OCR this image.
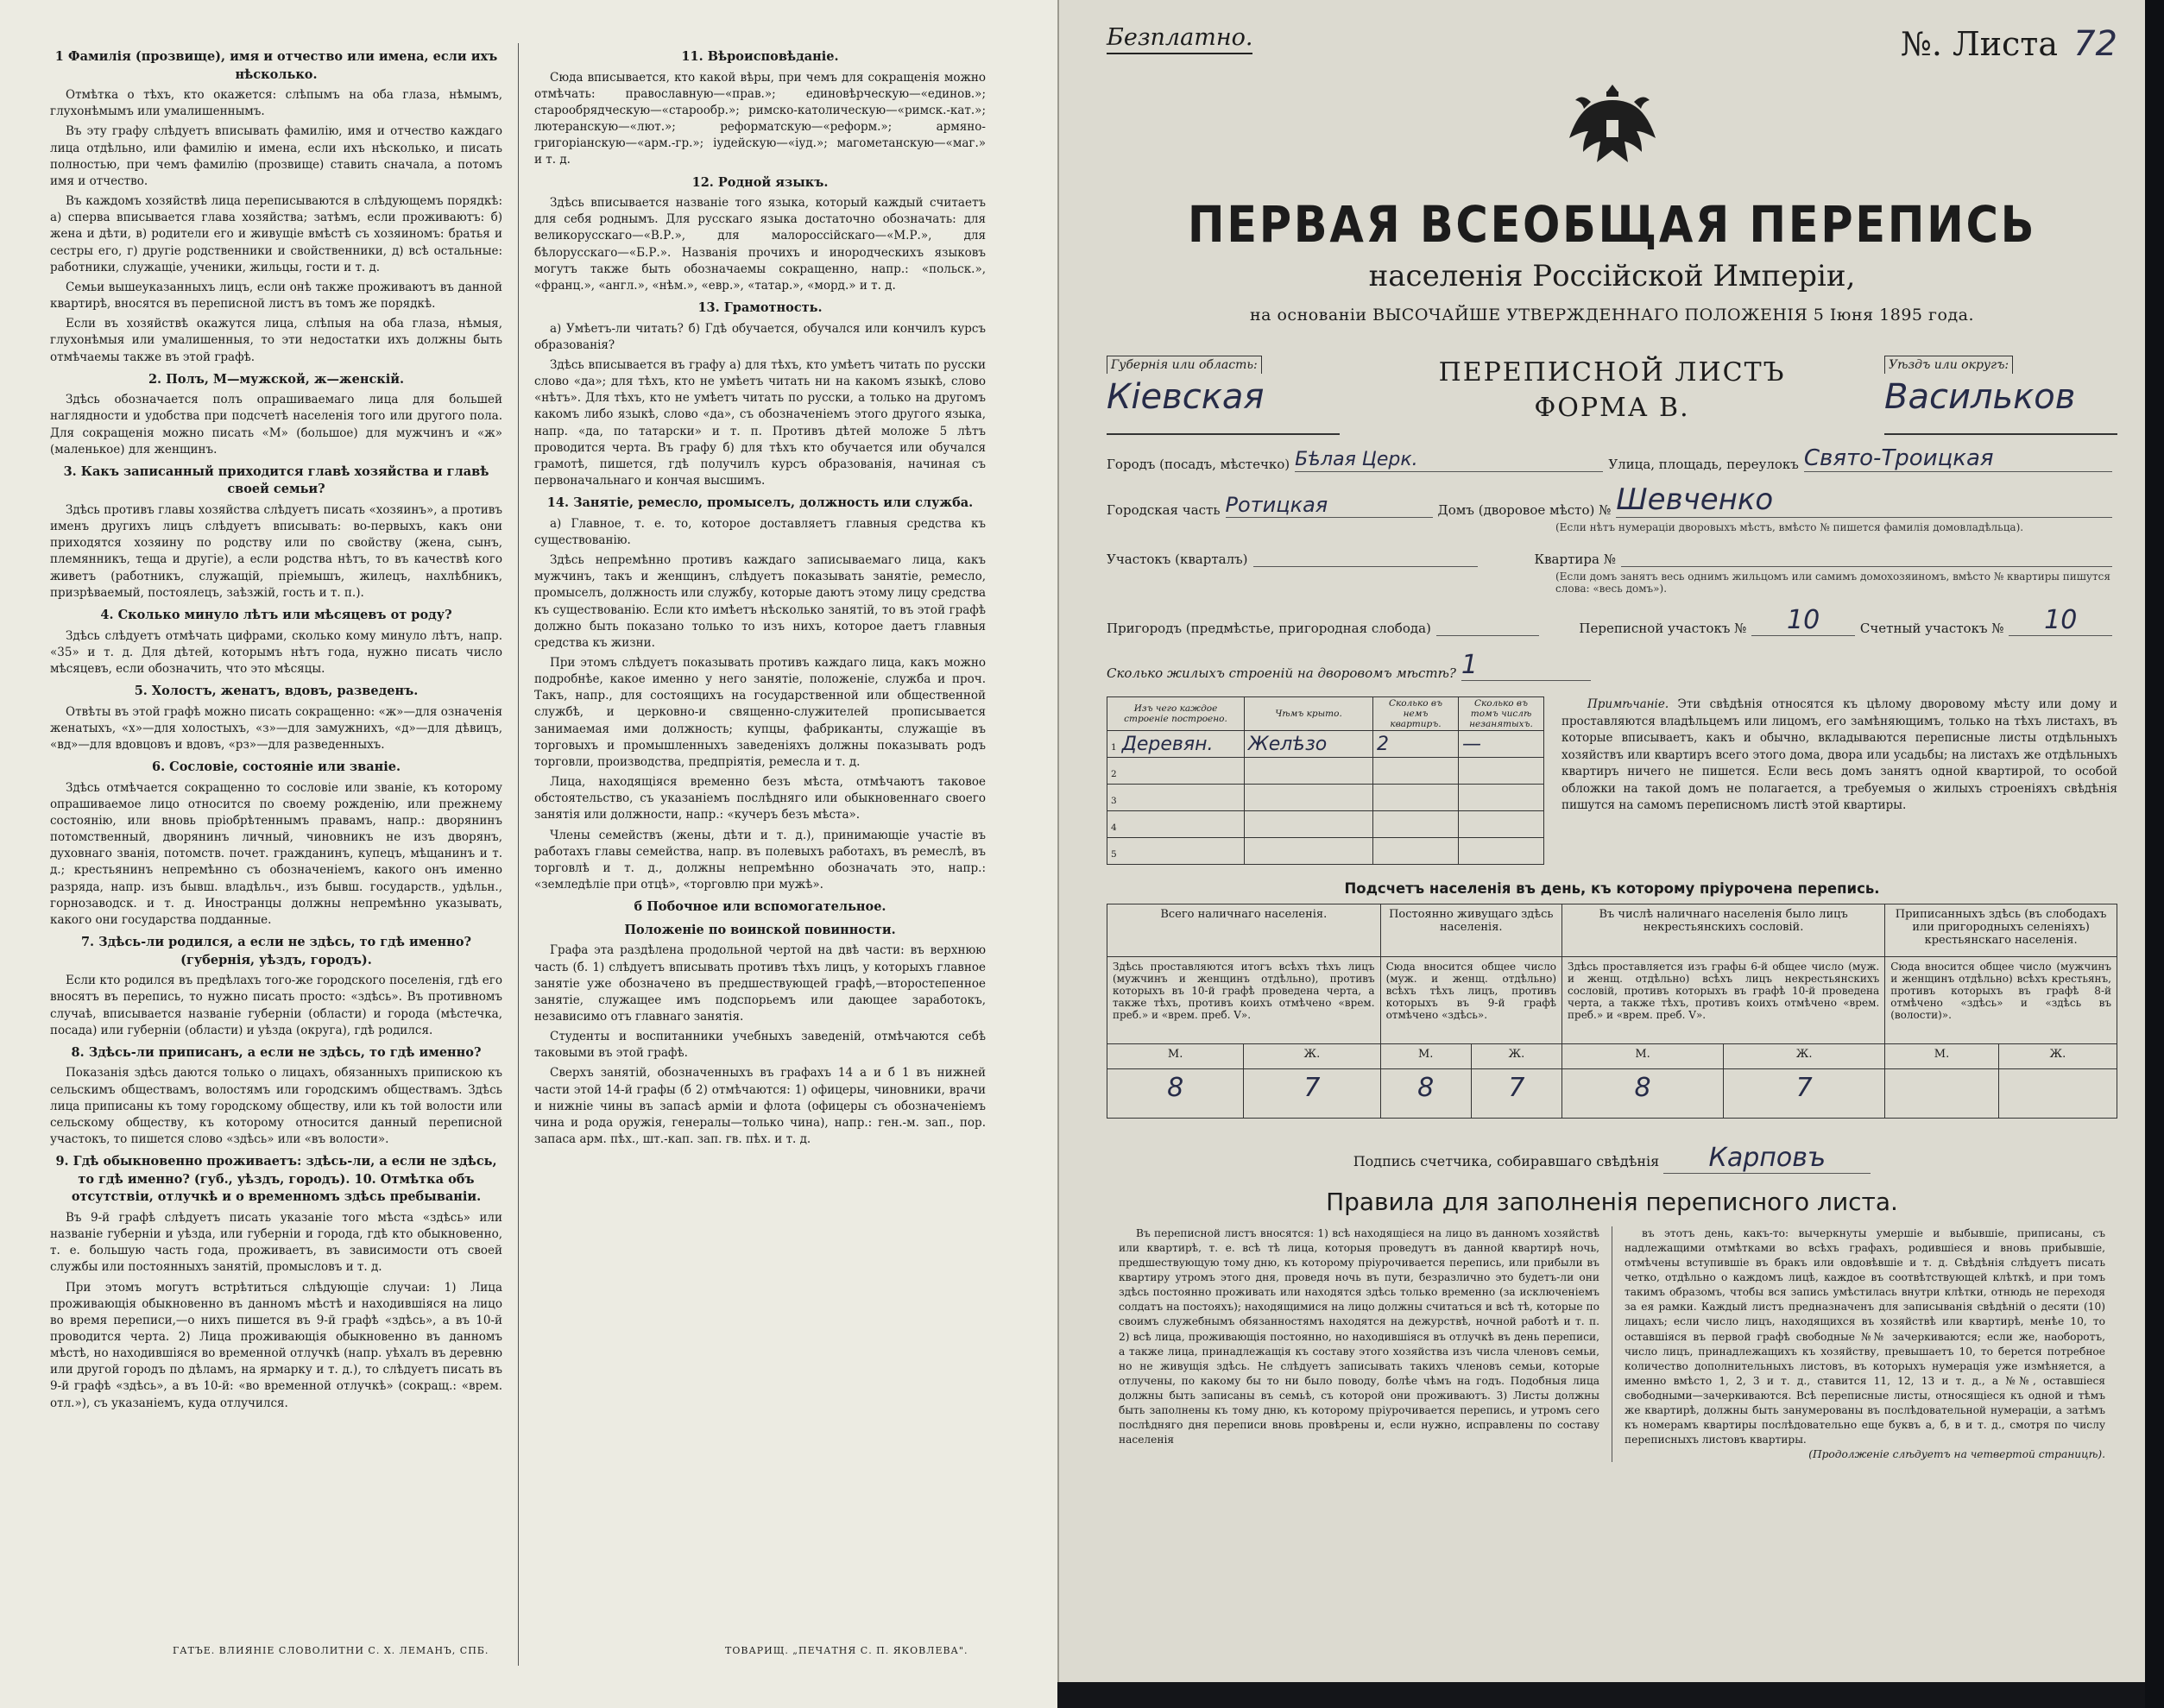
1 Фамилія (прозвище), имя и отчество или имена, если ихъ нѣсколько.

Отмѣтка о тѣхъ, кто окажется: слѣпымъ на оба глаза, нѣмымъ, глухонѣмымъ или умалишеннымъ.

Въ эту графу слѣдуетъ вписывать фамилію, имя и отчество каждаго лица отдѣльно, или фамилію и имена, если ихъ нѣсколько, и писать полностью, при чемъ фамилію (прозвище) ставить сначала, а потомъ имя и отчество.

Въ каждомъ хозяйствѣ лица переписываются в слѣдующемъ порядкѣ: а) сперва вписывается глава хозяйства; затѣмъ, если проживаютъ: б) жена и дѣти, в) родители его и живущіе вмѣстѣ съ хозяиномъ: братья и сестры его, г) другіе родственники и свойственники, д) всѣ остальные: работники, служащіе, ученики, жильцы, гости и т. д.

Семьи вышеуказанныхъ лицъ, если онѣ также проживаютъ въ данной квартирѣ, вносятся въ переписной листъ въ томъ же порядкѣ.

Если въ хозяйствѣ окажутся лица, слѣпыя на оба глаза, нѣмыя, глухонѣмыя или умалишенныя, то эти недостатки ихъ должны быть отмѣчаемы также въ этой графѣ.

2. Полъ, М—мужской, ж—женскій.

Здѣсь обозначается полъ опрашиваемаго лица для большей наглядности и удобства при подсчетѣ населенія того или другого пола. Для сокращенія можно писать «М» (большое) для мужчинъ и «ж» (маленькое) для женщинъ.

3. Какъ записанный приходится главѣ хозяйства и главѣ своей семьи?

Здѣсь противъ главы хозяйства слѣдуетъ писать «хозяинъ», а противъ именъ другихъ лицъ слѣдуетъ вписывать: во-первыхъ, какъ они приходятся хозяину по родству или по свойству (жена, сынъ, племянникъ, теща и другіе), а если родства нѣтъ, то въ качествѣ кого живетъ (работникъ, служащій, пріемышъ, жилецъ, нахлѣбникъ, призрѣваемый, постоялецъ, заѣзжій, гость и т. п.).

4. Сколько минуло лѣтъ или мѣсяцевъ от роду?

Здѣсь слѣдуетъ отмѣчать цифрами, сколько кому минуло лѣтъ, напр. «35» и т. д. Для дѣтей, которымъ нѣтъ года, нужно писать число мѣсяцевъ, если обозначить, что это мѣсяцы.

5. Холостъ, женатъ, вдовъ, разведенъ.

Отвѣты въ этой графѣ можно писать сокращенно: «ж»—для означенія женатыхъ, «х»—для холостыхъ, «з»—для замужнихъ, «д»—для дѣвицъ, «вд»—для вдовцовъ и вдовъ, «рз»—для разведенныхъ.

6. Сословіе, состояніе или званіе.

Здѣсь отмѣчается сокращенно то сословіе или званіе, къ которому опрашиваемое лицо относится по своему рожденію, или прежнему состоянію, или вновь пріобрѣтеннымъ правамъ, напр.: дворянинъ потомственный, дворянинъ личный, чиновникъ не изъ дворянъ, духовнаго званія, потомств. почет. гражданинъ, купецъ, мѣщанинъ и т. д.; крестьянинъ непремѣнно съ обозначеніемъ, какого онъ именно разряда, напр. изъ бывш. владѣльч., изъ бывш. государств., удѣльн., горнозаводск. и т. д. Иностранцы должны непремѣнно указывать, какого они государства подданные.

7. Здѣсь-ли родился, а если не здѣсь, то гдѣ именно? (губернія, уѣздъ, городъ).

Если кто родился въ предѣлахъ того-же городского поселенія, гдѣ его вносятъ въ перепись, то нужно писать просто: «здѣсь». Въ противномъ случаѣ, вписывается названіе губерніи (области) и города (мѣстечка, посада) или губерніи (области) и уѣзда (округа), гдѣ родился.

8. Здѣсь-ли приписанъ, а если не здѣсь, то гдѣ именно?

Показанія здѣсь даются только о лицахъ, обязанныхъ припискою къ сельскимъ обществамъ, волостямъ или городскимъ обществамъ. Здѣсь лица приписаны къ тому городскому обществу, или къ той волости или сельскому обществу, къ которому относится данный переписной участокъ, то пишется слово «здѣсь» или «въ волости».

9. Гдѣ обыкновенно проживаетъ: здѣсь-ли, а если не здѣсь, то гдѣ именно? (губ., уѣздъ, городъ). 10. Отмѣтка объ отсутствіи, отлучкѣ и о временномъ здѣсь пребываніи.

Въ 9-й графѣ слѣдуетъ писать указаніе того мѣста «здѣсь» или названіе губерніи и уѣзда, или губерніи и города, гдѣ кто обыкновенно, т. е. большую часть года, проживаетъ, въ зависимости отъ своей службы или постоянныхъ занятій, промысловъ и т. д.

При этомъ могутъ встрѣтиться слѣдующіе случаи: 1) Лица проживающія обыкновенно въ данномъ мѣстѣ и находившіяся на лицо во время переписи,—о нихъ пишется въ 9-й графѣ «здѣсь», а въ 10-й проводится черта. 2) Лица проживающія обыкновенно въ данномъ мѣстѣ, но находившіяся во временной отлучкѣ (напр. уѣхалъ въ деревню или другой городъ по дѣламъ, на ярмарку и т. д.), то слѣдуетъ писать въ 9-й графѣ «здѣсь», а въ 10-й: «во временной отлучкѣ» (сокращ.: «врем. отл.»), съ указаніемъ, куда отлучился.

11. Вѣроисповѣданіе.

Сюда вписывается, кто какой вѣры, при чемъ для сокращенія можно отмѣчать: православную—«прав.»; единовѣрческую—«единов.»; старообрядческую—«старообр.»; римско-католическую—«римск.-кат.»; лютеранскую—«лют.»; реформатскую—«реформ.»; армяно-григоріанскую—«арм.-гр.»; іудейскую—«іуд.»; магометанскую—«маг.» и т. д.

12. Родной языкъ.

Здѣсь вписывается названіе того языка, который каждый считаетъ для себя роднымъ. Для русскаго языка достаточно обозначать: для великорусскаго—«В.Р.», для малороссійскаго—«М.Р.», для бѣлорусскаго—«Б.Р.». Названія прочихъ и инородческихъ языковъ могутъ также быть обозначаемы сокращенно, напр.: «польск.», «франц.», «англ.», «нѣм.», «евр.», «татар.», «морд.» и т. д.

13. Грамотность.

а) Умѣетъ-ли читать? б) Гдѣ обучается, обучался или кончилъ курсъ образованія?

Здѣсь вписывается въ графу а) для тѣхъ, кто умѣетъ читать по русски слово «да»; для тѣхъ, кто не умѣетъ читать ни на какомъ языкѣ, слово «нѣтъ». Для тѣхъ, кто не умѣетъ читать по русски, а только на другомъ какомъ либо языкѣ, слово «да», съ обозначеніемъ этого другого языка, напр. «да, по татарски» и т. п. Противъ дѣтей моложе 5 лѣтъ проводится черта. Въ графу б) для тѣхъ кто обучается или обучался грамотѣ, пишется, гдѣ получилъ курсъ образованія, начиная съ первоначальнаго и кончая высшимъ.

14. Занятіе, ремесло, промыселъ, должность или служба.

а) Главное, т. е. то, которое доставляетъ главныя средства къ существованію.

Здѣсь непремѣнно противъ каждаго записываемаго лица, какъ мужчинъ, такъ и женщинъ, слѣдуетъ показывать занятіе, ремесло, промыселъ, должность или службу, которые даютъ этому лицу средства къ существованію. Если кто имѣетъ нѣсколько занятій, то въ этой графѣ должно быть показано только то изъ нихъ, которое даетъ главныя средства къ жизни.

При этомъ слѣдуетъ показывать противъ каждаго лица, какъ можно подробнѣе, какое именно у него занятіе, положеніе, служба и проч. Такъ, напр., для состоящихъ на государственной или общественной службѣ, и церковно-и священно-служителей прописывается занимаемая ими должность; купцы, фабриканты, служащіе въ торговыхъ и промышленныхъ заведеніяхъ должны показывать родъ торговли, производства, предпріятія, ремесла и т. д.

Лица, находящіяся временно безъ мѣста, отмѣчаютъ таковое обстоятельство, съ указаніемъ послѣдняго или обыкновеннаго своего занятія или должности, напр.: «кучеръ безъ мѣста».

Члены семействъ (жены, дѣти и т. д.), принимающіе участіе въ работахъ главы семейства, напр. въ полевыхъ работахъ, въ ремеслѣ, въ торговлѣ и т. д., должны непремѣнно обозначать это, напр.: «земледѣліе при отцѣ», «торговлю при мужѣ».

б Побочное или вспомогательное.
Положеніе по воинской повинности.

Графа эта раздѣлена продольной чертой на двѣ части: въ верхнюю часть (б. 1) слѣдуетъ вписывать противъ тѣхъ лицъ, у которыхъ главное занятіе уже обозначено въ предшествующей графѣ,—второстепенное занятіе, служащее имъ подспорьемъ или дающее заработокъ, независимо отъ главнаго занятія.

Студенты и воспитанники учебныхъ заведеній, отмѣчаются себѣ таковыми въ этой графѣ.

Сверхъ занятій, обозначенныхъ въ графахъ 14 а и б 1 въ нижней части этой 14-й графы (б 2) отмѣчаются: 1) офицеры, чиновники, врачи и нижніе чины въ запасѣ арміи и флота (офицеры съ обозначеніемъ чина и рода оружія, генералы—только чина), напр.: ген.-м. зап., пор. запаса арм. пѣх., шт.-кап. зап. гв. пѣх. и т. д.

ГАТЪЕ. ВЛИЯНІЕ СЛОВОЛИТНИ С. Х. ЛЕМАНЪ, СПБ.	ТОВАРИЩ. „ПЕЧАТНЯ С. П. ЯКОВЛЕВА".
Безплатно.	№. Листа 72
ПЕРВАЯ ВСЕОБЩАЯ ПЕРЕПИСЬ
населенія Россійской Имперіи,
на основаніи ВЫСОЧАЙШЕ УТВЕРЖДЕННАГО ПОЛОЖЕНІЯ 5 Іюня 1895 года.
Губернія или область:
Кіевская
ПЕРЕПИСНОЙ ЛИСТЪ
ФОРМА В.
Уѣздъ или округъ:
Васильков
Городъ (посадъ, мѣстечко) Бѣлая Церк.	Улица, площадь, переулокъ Свято-Троицкая
Городская часть Ротицкая	Домъ (дворовое мѣсто) № Шевченко
(Если нѣтъ нумераціи дворовыхъ мѣстъ, вмѣсто № пишется фамилія домовладѣльца).
Участокъ (кварталъ)	Квартира №
(Если домъ занятъ весь однимъ жильцомъ или самимъ домохозяиномъ, вмѣсто № квартиры пишутся слова: «весь домъ»).
Пригородъ (предмѣстье, пригородная слобода)	Переписной участокъ №	10	Счетный участокъ №	10
Сколько жилыхъ строеній на дворовомъ мѣстѣ? 1
Изъ чего каждое строеніе построено.	Чѣмъ крыто.	Сколько въ немъ квартиръ.	Сколько въ томъ числѣ незанятыхъ.
1 Деревян.	Желѣзо	2	—
2			
3			
4			
5			

Примѣчаніе. Эти свѣдѣнія относятся къ цѣлому дворовому мѣсту или дому и проставляются владѣльцемъ или лицомъ, его замѣняющимъ, только на тѣхъ листахъ, въ которые вписываетъ, какъ и обычно, вкладываются переписные листы отдѣльныхъ хозяйствъ или квартиръ всего этого дома, двора или усадьбы; на листахъ же отдѣльныхъ квартиръ ничего не пишется. Если весь домъ занятъ одной квартирой, то особой обложки на такой домъ не полагается, а требуемыя о жилыхъ строеніяхъ свѣдѣнія пишутся на самомъ переписномъ листѣ этой квартиры.

Подсчетъ населенія въ день, къ которому пріурочена перепись.
Всего наличнаго населенія.		Постоянно живущаго здѣсь населенія.		Въ числѣ наличнаго населенія было лицъ некрестьянскихъ сословій.		Приписанныхъ здѣсь (въ слободахъ или пригородныхъ селеніяхъ) крестьянскаго населенія.	
Здѣсь проставляются итогъ всѣхъ тѣхъ лицъ (мужчинъ и женщинъ отдѣльно), противъ которыхъ въ 10-й графѣ проведена черта, а также тѣхъ, противъ коихъ отмѣчено «врем. преб.» и «врем. преб. V».		Сюда вносится общее число (муж. и женщ. отдѣльно) всѣхъ тѣхъ лицъ, противъ которыхъ въ 9-й графѣ отмѣчено «здѣсь».		Здѣсь проставляется изъ графы 6-й общее число (муж. и женщ. отдѣльно) всѣхъ лицъ некрестьянскихъ сословій, противъ которыхъ въ графѣ 10-й проведена черта, а также тѣхъ, противъ коихъ отмѣчено «врем. преб.» и «врем. преб. V».		Сюда вносится общее число (мужчинъ и женщинъ отдѣльно) всѣхъ крестьянъ, противъ которыхъ въ графѣ 8-й отмѣчено «здѣсь» и «здѣсь въ (волости)».	
М.	Ж.	М.	Ж.	М.	Ж.	М.	Ж.
8	7	8	7	8	7		
Подпись счетчика, собиравшаго свѣдѣнія Карповъ
Правила для заполненія переписного листа.

Въ переписной листъ вносятся: 1) всѣ находящіеся на лицо въ данномъ хозяйствѣ или квартирѣ, т. е. всѣ тѣ лица, которыя проведутъ въ данной квартирѣ ночь, предшествующую тому дню, къ которому пріурочивается перепись, или прибыли въ квартиру утромъ этого дня, проведя ночь въ пути, безразлично это будетъ-ли они здѣсь постоянно проживать или находятся здѣсь только временно (за исключеніемъ солдатъ на постояхъ); находящимися на лицо должны считаться и всѣ тѣ, которые по своимъ служебнымъ обязанностямъ находятся на дежурствѣ, ночной работѣ и т. п. 2) всѣ лица, проживающія постоянно, но находившіяся въ отлучкѣ въ день переписи, а также лица, принадлежащія къ составу этого хозяйства изъ числа членовъ семьи, но не живущія здѣсь. Не слѣдуетъ записывать такихъ членовъ семьи, которые отлучены, по какому бы то ни было поводу, болѣе чѣмъ на годъ. Подобныя лица должны быть записаны въ семьѣ, съ которой они проживаютъ. 3) Листы должны быть заполнены къ тому дню, къ которому пріурочивается перепись, и утромъ сего послѣдняго дня переписи вновь провѣрены и, если нужно, исправлены по составу населенія

въ этотъ день, какъ-то: вычеркнуты умершіе и выбывшіе, приписаны, съ надлежащими отмѣтками во всѣхъ графахъ, родившіеся и вновь прибывшіе, отмѣчены вступившіе въ бракъ или овдовѣвшіе и т. д. Свѣдѣнія слѣдуетъ писать четко, отдѣльно о каждомъ лицѣ, каждое въ соотвѣтствующей клѣткѣ, и при томъ такимъ образомъ, чтобы вся запись умѣстилась внутри клѣтки, отнюдь не переходя за ея рамки. Каждый листъ предназначенъ для записыванія свѣдѣній о десяти (10) лицахъ; если число лицъ, находящихся въ хозяйствѣ или квартирѣ, менѣе 10, то оставшіяся въ первой графѣ свободные №№ зачеркиваются; если же, наоборотъ, число лицъ, принадлежащихъ къ хозяйству, превышаетъ 10, то берется потребное количество дополнительныхъ листовъ, въ которыхъ нумерація уже измѣняется, а именно вмѣсто 1, 2, 3 и т. д., ставится 11, 12, 13 и т. д., а №№, оставшіеся свободными—зачеркиваются. Всѣ переписные листы, относящіеся къ одной и тѣмъ же квартирѣ, должны быть занумерованы въ послѣдовательной нумераціи, а затѣмъ къ номерамъ квартиры послѣдовательно еще буквъ а, б, в и т. д., смотря по числу переписныхъ листовъ квартиры.

(Продолженіе слѣдуетъ на четвертой страницѣ).
